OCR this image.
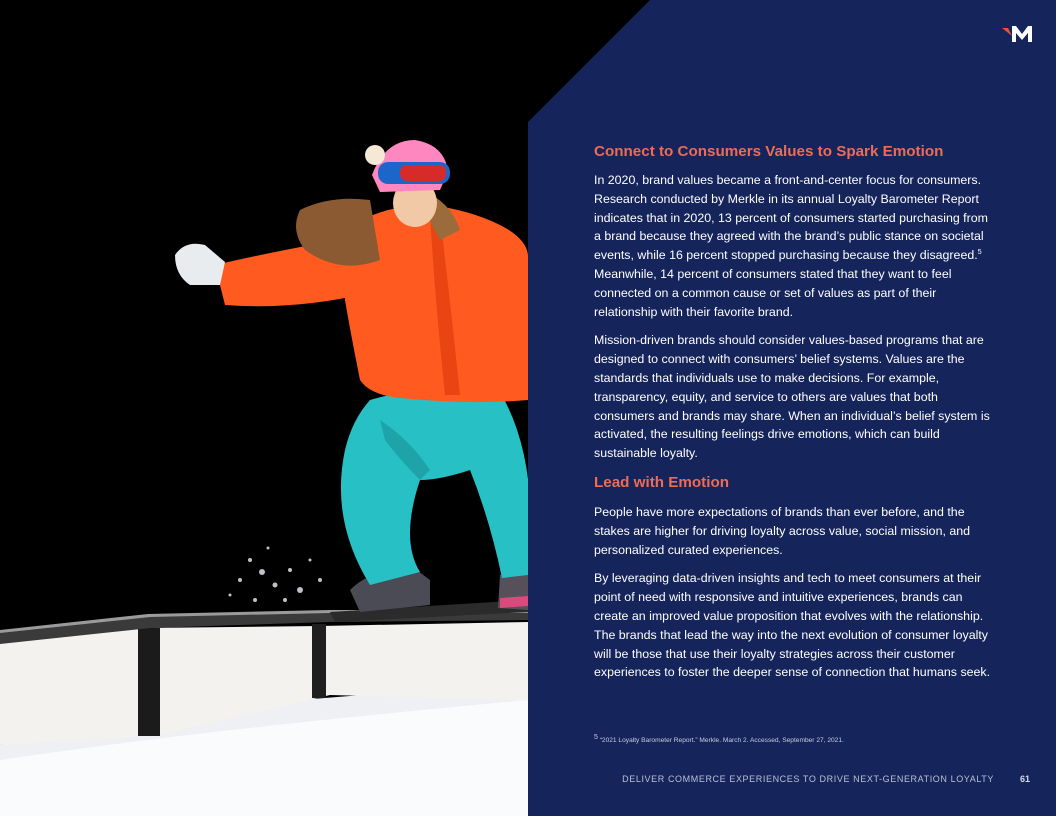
Connect to Consumers Values to Spark Emotion

In 2020, brand values became a front-and-center focus for consumers. Research conducted by Merkle in its annual Loyalty Barometer Report indicates that in 2020, 13 percent of consumers started purchasing from a brand because they agreed with the brand’s public stance on societal events, while 16 percent stopped purchasing because they disagreed.$^5$ Meanwhile, 14 percent of consumers stated that they want to feel connected on a common cause or set of values as part of their relationship with their favorite brand.

Mission-driven brands should consider values-based programs that are designed to connect with consumers’ belief systems. Values are the standards that individuals use to make decisions. For example, transparency, equity, and service to others are values that both consumers and brands may share. When an individual’s belief system is activated, the resulting feelings drive emotions, which can build sustainable loyalty.

Lead with Emotion

People have more expectations of brands than ever before, and the stakes are higher for driving loyalty across value, social mission, and personalized curated experiences.

By leveraging data-driven insights and tech to meet consumers at their point of need with responsive and intuitive experiences, brands can create an improved value proposition that evolves with the relationship. The brands that lead the way into the next evolution of consumer loyalty will be those that use their loyalty strategies across their customer experiences to foster the deeper sense of connection that humans seek.

$^5$ “2021 Loyalty Barometer Report.” Merkle. March 2. Accessed, September 27, 2021.
DELIVER COMMERCE EXPERIENCES TO DRIVE NEXT-GENERATION LOYALTY	61
